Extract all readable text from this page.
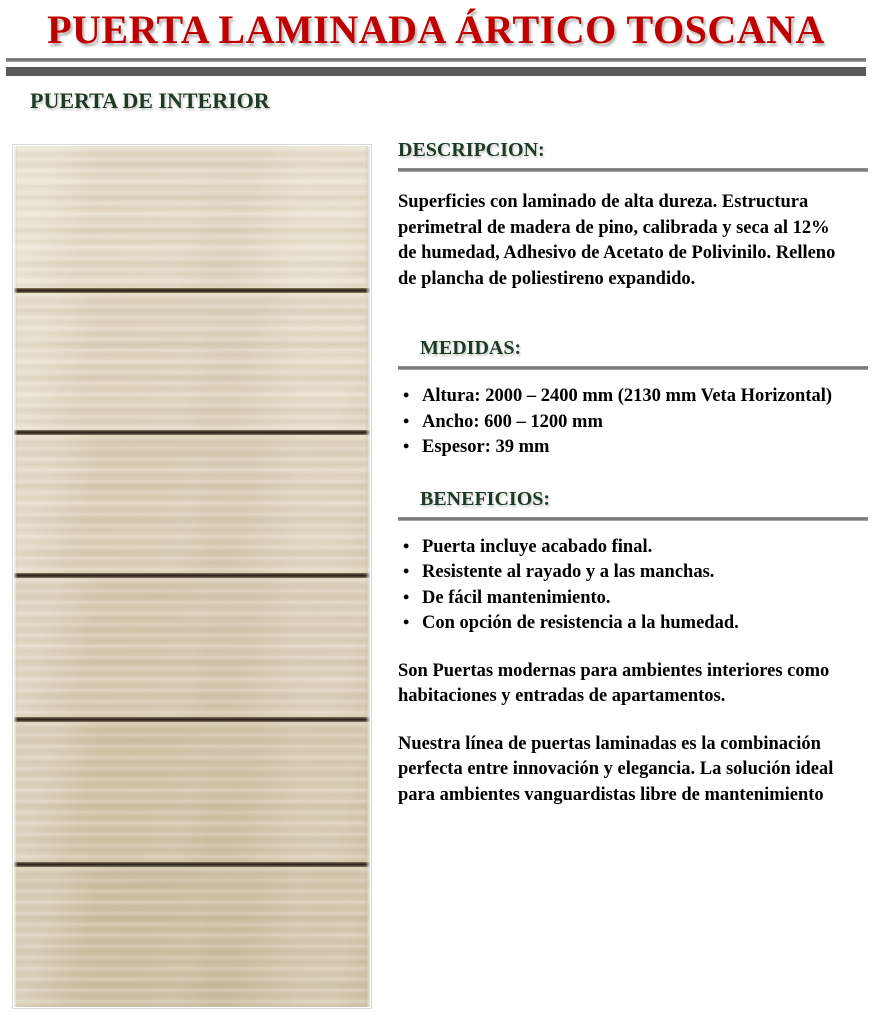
PUERTA LAMINADA ÁRTICO TOSCANA
PUERTA DE INTERIOR
DESCRIPCION:
Superficies con laminado de alta dureza. Estructura perimetral de madera de pino, calibrada y seca al 12% de humedad, Adhesivo de Acetato de Polivinilo. Relleno de plancha de poliestireno expandido.
MEDIDAS:
• Altura: 2000 – 2400 mm (2130 mm Veta Horizontal)
• Ancho: 600 – 1200 mm
• Espesor: 39 mm
BENEFICIOS:
• Puerta incluye acabado final.
• Resistente al rayado y a las manchas.
• De fácil mantenimiento.
• Con opción de resistencia a la humedad.
Son Puertas modernas para ambientes interiores como habitaciones y entradas de apartamentos.
Nuestra línea de puertas laminadas es la combinación perfecta entre innovación y elegancia. La solución ideal para ambientes vanguardistas libre de mantenimiento
